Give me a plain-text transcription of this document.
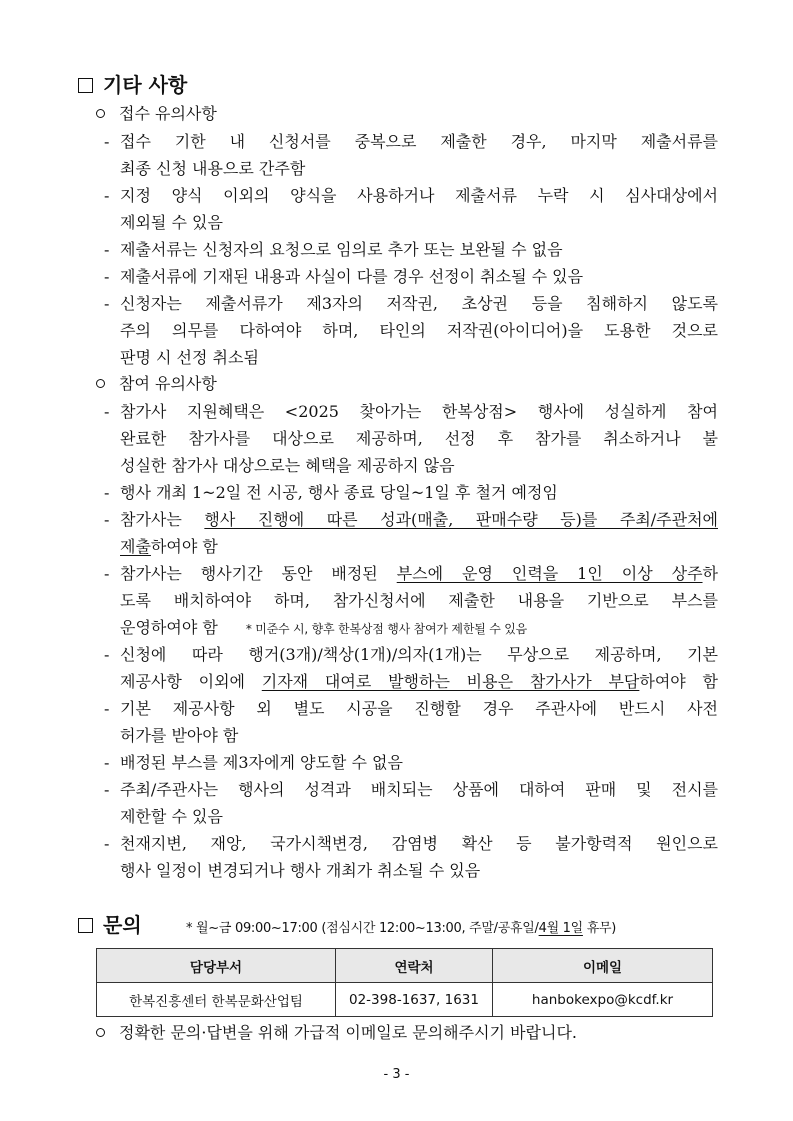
기타 사항
접수 유의사항
- 접수 기한 내 신청서를 중복으로 제출한 경우, 마지막 제출서류를
최종 신청 내용으로 간주함
- 지정 양식 이외의 양식을 사용하거나 제출서류 누락 시 심사대상에서
제외될 수 있음
- 제출서류는 신청자의 요청으로 임의로 추가 또는 보완될 수 없음
- 제출서류에 기재된 내용과 사실이 다를 경우 선정이 취소될 수 있음
- 신청자는 제출서류가 제3자의 저작권, 초상권 등을 침해하지 않도록
주의 의무를 다하여야 하며, 타인의 저작권(아이디어)을 도용한 것으로
판명 시 선정 취소됨
참여 유의사항
- 참가사 지원혜택은 <2025 찾아가는 한복상점> 행사에 성실하게 참여
완료한 참가사를 대상으로 제공하며, 선정 후 참가를 취소하거나 불
성실한 참가사 대상으로는 혜택을 제공하지 않음
- 행사 개최 1~2일 전 시공, 행사 종료 당일~1일 후 철거 예정임
- 참가사는 행사 진행에 따른 성과(매출, 판매수량 등)를 주최/주관처에
제출하여야 함
- 참가사는 행사기간 동안 배정된 부스에 운영 인력을 1인 이상 상주하
도록 배치하여야 하며, 참가신청서에 제출한 내용을 기반으로 부스를
운영하여야 함 * 미준수 시, 향후 한복상점 행사 참여가 제한될 수 있음
- 신청에 따라 행거(3개)/책상(1개)/의자(1개)는 무상으로 제공하며, 기본
제공사항 이외에 기자재 대여로 발행하는 비용은 참가사가 부담하여야 함
- 기본 제공사항 외 별도 시공을 진행할 경우 주관사에 반드시 사전
허가를 받아야 함
- 배정된 부스를 제3자에게 양도할 수 없음
- 주최/주관사는 행사의 성격과 배치되는 상품에 대하여 판매 및 전시를
제한할 수 있음
- 천재지변, 재앙, 국가시책변경, 감염병 확산 등 불가항력적 원인으로
행사 일정이 변경되거나 행사 개최가 취소될 수 있음
문의	* 월~금 09:00~17:00 (점심시간 12:00~13:00, 주말/공휴일/4월 1일 휴무)
담당부서	연락처	이메일
한복진흥센터 한복문화산업팀	02-398-1637, 1631	hanbokexpo@kcdf.kr
정확한 문의·답변을 위해 가급적 이메일로 문의해주시기 바랍니다.
- 3 -
